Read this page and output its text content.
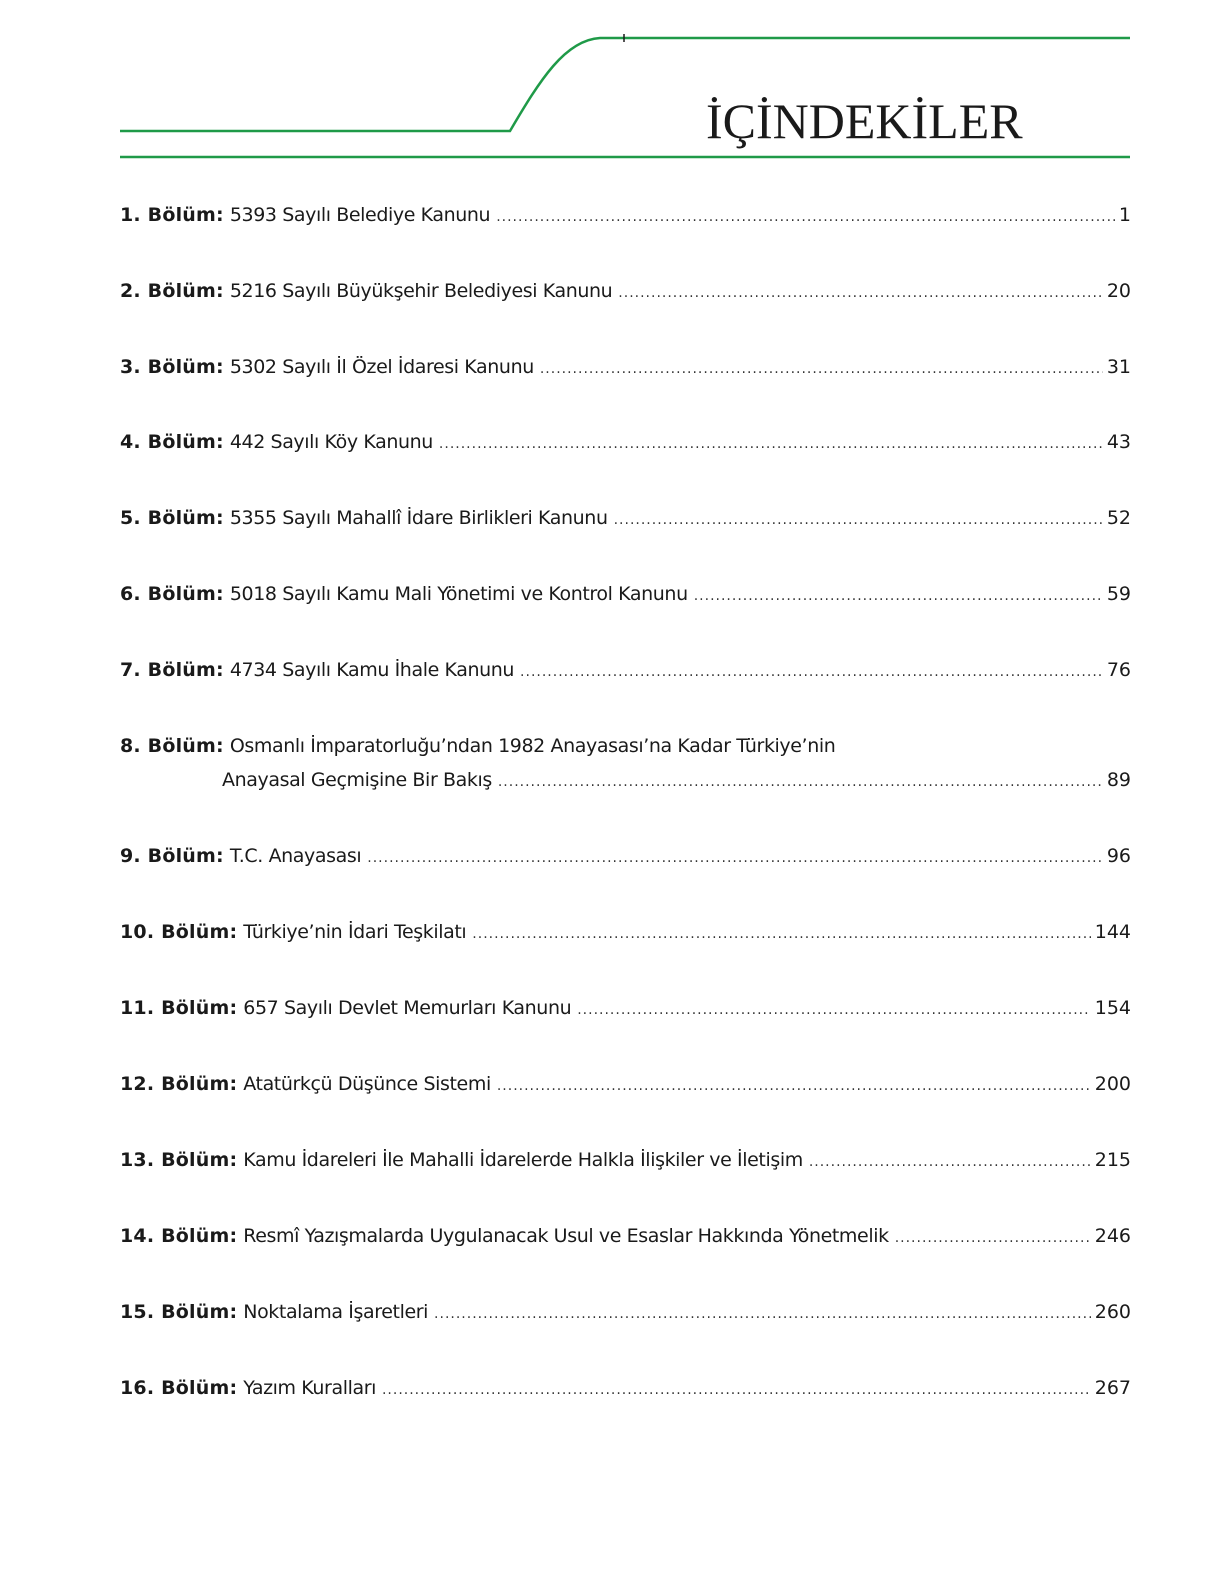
İÇİNDEKİLER
1. Bölüm: 5393 Sayılı Belediye Kanunu .....	1
2. Bölüm: 5216 Sayılı Büyükşehir Belediyesi Kanunu .....	20
3. Bölüm: 5302 Sayılı İl Özel İdaresi Kanunu .....	31
4. Bölüm: 442 Sayılı Köy Kanunu .....	43
5. Bölüm: 5355 Sayılı Mahallî İdare Birlikleri Kanunu .....	52
6. Bölüm: 5018 Sayılı Kamu Mali Yönetimi ve Kontrol Kanunu .....	59
7. Bölüm: 4734 Sayılı Kamu İhale Kanunu .....	76
8. Bölüm: Osmanlı İmparatorluğu’ndan 1982 Anayasası’na Kadar Türkiye’nin
Anayasal Geçmişine Bir Bakış .....	89
9. Bölüm: T.C. Anayasası .....	96
10. Bölüm: Türkiye’nin İdari Teşkilatı .....	144
11. Bölüm: 657 Sayılı Devlet Memurları Kanunu .....	154
12. Bölüm: Atatürkçü Düşünce Sistemi .....	200
13. Bölüm: Kamu İdareleri İle Mahalli İdarelerde Halkla İlişkiler ve İletişim .....	215
14. Bölüm: Resmî Yazışmalarda Uygulanacak Usul ve Esaslar Hakkında Yönetmelik .....	246
15. Bölüm: Noktalama İşaretleri .....	260
16. Bölüm: Yazım Kuralları .....	267
